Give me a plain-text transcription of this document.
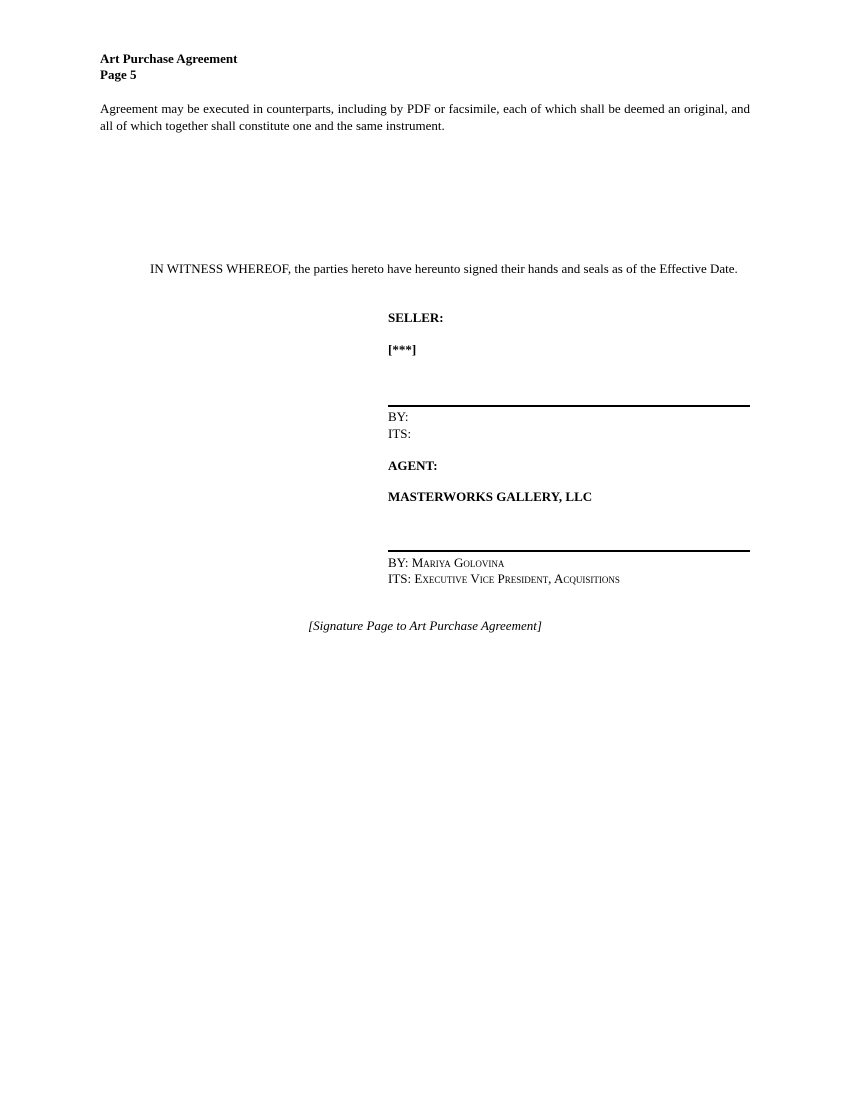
Art Purchase Agreement
Page 5
Agreement may be executed in counterparts, including by PDF or facsimile, each of which shall be deemed an original, and all of which together shall constitute one and the same instrument.
IN WITNESS WHEREOF, the parties hereto have hereunto signed their hands and seals as of the Effective Date.
SELLER:
[***]
BY:
ITS:
AGENT:
MASTERWORKS GALLERY, LLC
BY: Mariya Golovina
ITS: Executive Vice President, Acquisitions
[Signature Page to Art Purchase Agreement]
